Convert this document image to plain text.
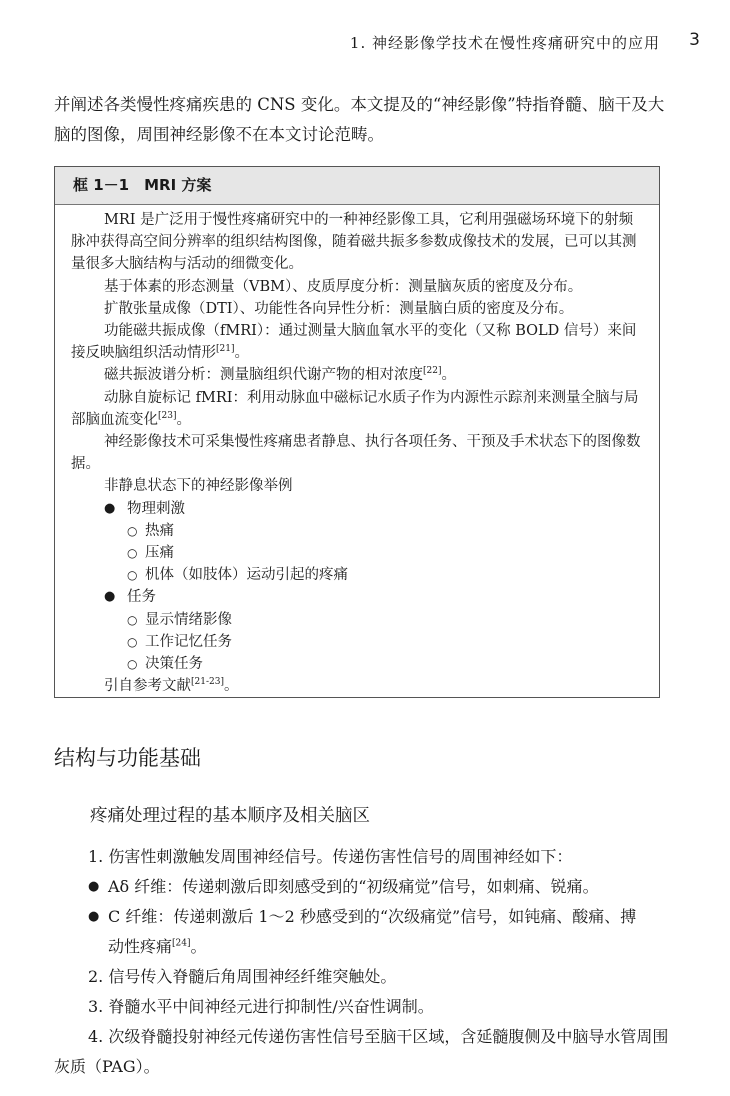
1. 神经影像学技术在慢性疼痛研究中的应用 3

并阐述各类慢性疼痛疾患的 CNS 变化。本文提及的“神经影像”特指脊髓、脑干及大脑的图像，周围神经影像不在本文讨论范畴。

框 1－1　MRI 方案

MRI 是广泛用于慢性疼痛研究中的一种神经影像工具，它利用强磁场环境下的射频脉冲获得高空间分辨率的组织结构图像，随着磁共振多参数成像技术的发展，已可以其测量很多大脑结构与活动的细微变化。

基于体素的形态测量（VBM）、皮质厚度分析：测量脑灰质的密度及分布。

扩散张量成像（DTI）、功能性各向异性分析：测量脑白质的密度及分布。

功能磁共振成像（fMRI）：通过测量大脑血氧水平的变化（又称 BOLD 信号）来间接反映脑组织活动情形[21]。

磁共振波谱分析：测量脑组织代谢产物的相对浓度[22]。

动脉自旋标记 fMRI：利用动脉血中磁标记水质子作为内源性示踪剂来测量全脑与局部脑血流变化[23]。

神经影像技术可采集慢性疼痛患者静息、执行各项任务、干预及手术状态下的图像数据。

非静息状态下的神经影像举例

● 物理刺激
○ 热痛
○ 压痛
○ 机体（如肢体）运动引起的疼痛
● 任务
○ 显示情绪影像
○ 工作记忆任务
○ 决策任务

引自参考文献[21-23]。

结构与功能基础
疼痛处理过程的基本顺序及相关脑区

1. 伤害性刺激触发周围神经信号。传递伤害性信号的周围神经如下：

● Aδ 纤维：传递刺激后即刻感受到的“初级痛觉”信号，如刺痛、锐痛。

● C 纤维：传递刺激后 1～2 秒感受到的“次级痛觉”信号，如钝痛、酸痛、搏

动性疼痛[24]。

2. 信号传入脊髓后角周围神经纤维突触处。

3. 脊髓水平中间神经元进行抑制性/兴奋性调制。

4. 次级脊髓投射神经元传递伤害性信号至脑干区域，含延髓腹侧及中脑导水管周围灰质（PAG）。
